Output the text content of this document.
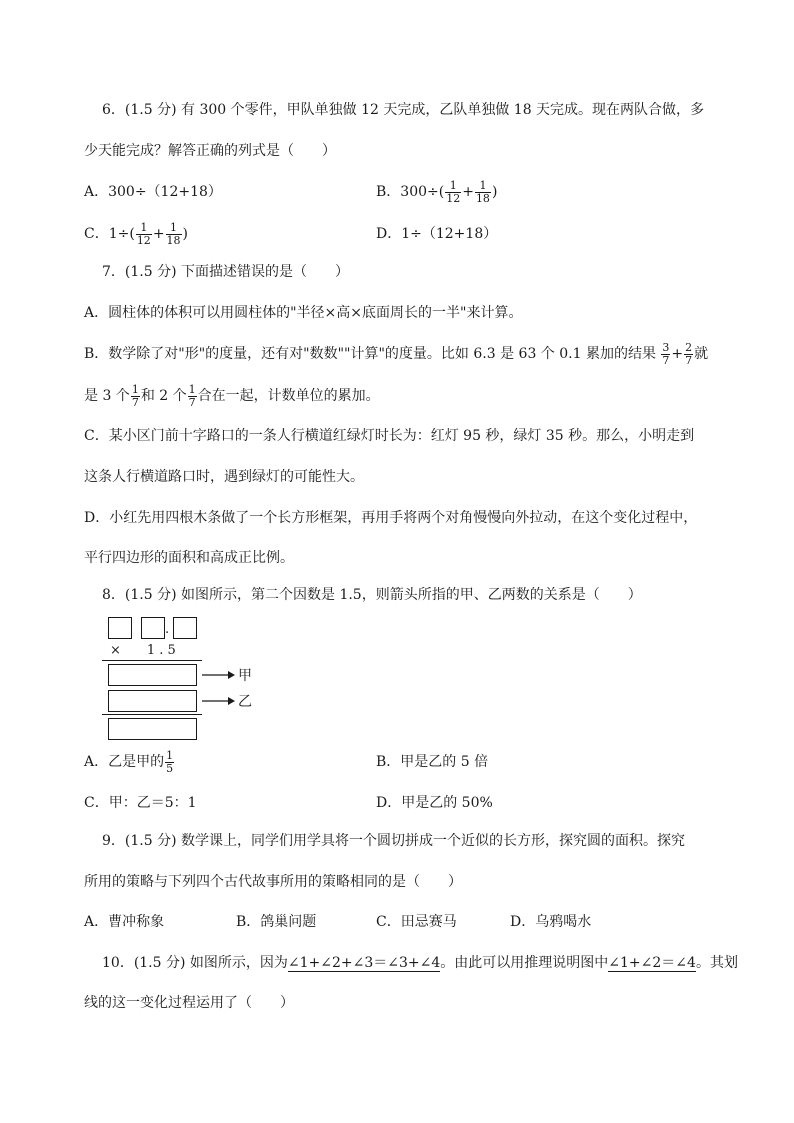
6．(1.5 分) 有 300 个零件，甲队单独做 12 天完成，乙队单独做 18 天完成。现在两队合做，多
少天能完成？解答正确的列式是（　　）
A．300÷（12+18）	B．$300\div( \frac{1}{12} + \frac{1}{18}$ )
C．$1\div( \frac{1}{12} + \frac{1}{18}$ )	D．1÷（12+18）
7．(1.5 分) 下面描述错误的是（　　）
A．圆柱体的体积可以用圆柱体的"半径×高×底面周长的一半"来计算。
B．数学除了对"形"的度量，还有对"数数""计算"的度量。比如 6.3 是 63 个 0.1 累加的结果 $\frac{3}{7} + \frac{2}{7}$ 就
是 3 个 $\frac{1}{7}$ 和 2 个 $\frac{1}{7}$ 合在一起，计数单位的累加。
C．某小区门前十字路口的一条人行横道红绿灯时长为：红灯 95 秒，绿灯 35 秒。那么，小明走到
这条人行横道路口时，遇到绿灯的可能性大。
D．小红先用四根木条做了一个长方形框架，再用手将两个对角慢慢向外拉动，在这个变化过程中，
平行四边形的面积和高成正比例。
8．(1.5 分) 如图所示，第二个因数是 1.5，则箭头所指的甲、乙两数的关系是（　　）
.
×　　1 . 5
甲
乙
A．乙是甲的 $\frac{1}{5}$	B．甲是乙的 5 倍
C．甲：乙＝5：1	D．甲是乙的 50%
9．(1.5 分) 数学课上，同学们用学具将一个圆切拼成一个近似的长方形，探究圆的面积。探究
所用的策略与下列四个古代故事所用的策略相同的是（　　）
A．曹冲称象	B．鸽巢问题	C．田忌赛马	D．乌鸦喝水
10．(1.5 分) 如图所示，因为∠1+∠2+∠3＝∠3+∠4。由此可以用推理说明图中∠1+∠2＝∠4。其划
线的这一变化过程运用了（　　）
